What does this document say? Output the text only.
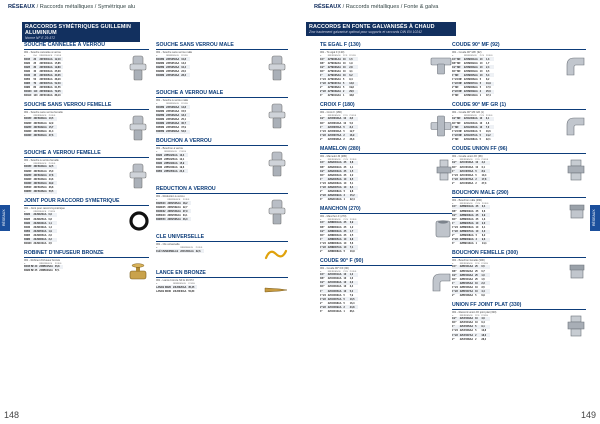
RÉSEAUX / Raccords métalliques / Symétrique alu
RACCORDS SYMÉTRIQUES GUILLEMIN ALUMINIUM
Norme NF E 29-572
RÉSEAUX
SOUCHE CANNELÉE À VERROU
001 - Souche cannelée à verrou
ø	Réf.	RÉFÉRENCE	POIDS
DN15	20	23FS001AA	12,10
DN20	25	23FS002AA	15,85
DN25	30	23FS003AA	19,80
DN32	40	23FS004AA	25,30
DN40	45	23FS005AA	30,35
DN50	50	23FS006AA	38,20
DN65	70	23FS007AA	52,40
DN80	80	23FS008AA	61,55
DN100	110	23FS009AA	79,25
DN110	120	23FS010AA	88,10
SOUCHE SANS VERROU FEMELLE
001 - Souche sans verrou femelle
ø	RÉFÉRENCE	POIDS
DN15F	23FS030AA	10,5
DN20F	23FS031AA	12,9
DN25F	23FS032AA	15,7
DN32F	23FS033AA	21,4
DN40F	23FS034AA	27,6
SOUCHE À VERROU FEMELLE
001 - Souche à verrou femelle
ø	RÉFÉRENCE	POIDS
DN15F	23FS040AA	12,5
DN20F	23FS041AA	15,0
DN25F	23FS042AA	17,8
DN32F	23FS043AA	24,6
DN40F	23FS044AA	29,9
DN50F	23FS045AA	36,8
DN65F	23FS046AA	50,5
JOINT POUR RACCORD SYMÉTRIQUE
001 - Joint pour raccord symétrique
ø	RÉFÉRENCE	POIDS
DN20	23JS020AA	0,6
DN25	23JS025AA	0,8
DN32	23JS032AA	1,1
DN40	23JS040AA	1,4
DN50	23JS050AA	1,9
DN65	23JS065AA	2,6
DN80	23JS080AA	3,2
DN100	23JS100AA	4,5
ROBINET D'INFUSEUR BRONZE
001 - Robinet d'infuseur bronze
ø	RÉFÉRENCE	POIDS
DN15 BF 20	23RB015AA	45,8
DN20 BF 25	23RB020AA	57,1
SOUCHE SANS VERROU MÂLE
001 - Souche sans verrou mâle
ø	RÉFÉRENCE	POIDS
DN15M	23FS050AA	10,8
DN20M	23FS051AA	13,2
DN25M	23FS052AA	16,4
DN32M	23FS053AA	22,0
DN40M	23FS054AA	28,3
SOUCHE À VERROU MÂLE
001 - Souche à verrou mâle
ø	RÉFÉRENCE	POIDS
DN15M	23FS060AA	12,8
DN20M	23FS061AA	15,5
DN25M	23FS062AA	18,4
DN32M	23FS063AA	25,1
DN40M	23FS064AA	30,7
DN50M	23FS065AA	37,9
DN65M	23FS066AA	52,0
BOUCHON À VERROU
001 - Bouchon à verrou
ø	RÉFÉRENCE	POIDS
DN20	23BV020AA	10,4
DN25	23BV025AA	12,1
DN32	23BV032AA	15,9
DN40	23BV040AA	19,6
DN50	23BV050AA	24,3
RÉDUCTION À VERROU
001 - Réduction à verrou
ø	RÉFÉRENCE	POIDS
DN25/20	23RV025AA	18,2
DN32/25	23RV032AA	22,7
DN40/32	23RV040AA	27,9
DN50/40	23RV050AA	34,1
DN65/50	23RV065AA	46,0
CLÉ UNIVERSELLE
001 - Clé universelle
ø	RÉFÉRENCE	POIDS
CLÉ UNIVERSELLE	23CU001AA	32,6
LANCE EN BRONZE
001 - Lance bronze NF E 29-572
ø	RÉFÉRENCE	POIDS
LANCE DN20	23LB020AA	35,45
LANCE DN40	23LB040AA	50,80
148
RÉSEAUX / Raccords métalliques / Fonte & galva
RACCORDS EN FONTE GALVANISÉS À CHAUD
Zinc hautement galvanisé optimal pour supports et raccords DIN EN 10242
RÉSEAUX
TÉ ÉGAL F (130)
001 - Té égal F (130)
ø	RÉFÉRENCE	PCS	POIDS
1/4"	22TE001AA	10	1,5
3/8"	22TE002AA	10	1,9
1/2"	22TE003AA	10	2,8
3/4"	22TE004AA	10	4,1
1"	22TE005AA	10	6,2
1"1/4	22TE006AA	5	9,4
1"1/2	22TE007AA	5	12,6
2"	22TE008AA	5	19,8
2"1/2	22TE009AA	2	29,5
3"	22TE010AA	1	43,8
CROIX F (180)
001 - Croix F (180)
ø	RÉFÉRENCE	PCS	POIDS
1/2"	22CR003AA	10	3,8
3/4"	22CR004AA	10	5,6
1"	22CR005AA	5	8,4
1"1/4	22CR006AA	5	12,7
1"1/2	22CR007AA	2	16,9
2"	22CR008AA	2	26,3
MAMELON (280)
001 - Mamelon M (280)
ø	RÉFÉRENCE	PCS	POIDS
1/4"	22MA001AA	25	0,8
3/8"	22MA002AA	25	1,1
1/2"	22MA003AA	25	1,5
3/4"	22MA004AA	25	2,2
1"	22MA005AA	10	3,5
1"1/4	22MA006AA	10	5,1
1"1/2	22MA007AA	10	6,4
2"	22MA008AA	5	9,8
2"1/2	22MA009AA	2	15,2
3"	22MA010AA	1	22,4
MANCHON (270)
001 - Manchon F (270)
ø	RÉFÉRENCE	PCS	POIDS
1/4"	22MN001AA	25	0,9
3/8"	22MN002AA	25	1,2
1/2"	22MN003AA	25	1,7
3/4"	22MN004AA	25	2,5
1"	22MN005AA	10	3,8
1"1/4	22MN006AA	10	5,6
1"1/2	22MN007AA	10	7,1
2"	22MN008AA	5	10,9
COUDE 90° F (90)
001 - Coude 90° F/F (90)
ø	RÉFÉRENCE	PCS	POIDS
1/4"	22CO001AA	10	1,2
3/8"	22CO002AA	10	1,6
1/2"	22CO003AA	10	2,3
3/4"	22CO004AA	10	3,4
1"	22CO005AA	10	5,2
1"1/4	22CO006AA	5	7,9
1"1/2	22CO007AA	5	10,5
2"	22CO008AA	5	16,4
2"1/2	22CO009AA	2	24,8
3"	22CO010AA	1	36,1
COUDE 90° MF (92)
001 - Coude 90° M/F (92)
ø	RÉFÉRENCE	PCS	POIDS
1/4" MF	22CM001AA	10	1,3
3/8" MF	22CM002AA	10	1,7
1/2" MF	22CM003AA	10	2,4
3/4" MF	22CM004AA	10	3,5
1" MF	22CM005AA	10	5,4
1"1/4 MF	22CM006AA	5	8,2
1"1/2 MF	22CM007AA	5	10,9
2" MF	22CM008AA	5	17,0
2"1/2 MF	22CM009AA	2	25,6
3" MF	22CM010AA	1	37,4
COUDE 90° MF GR (1)
001 - Coude 90° MF GR (1)
ø	RÉFÉRENCE	PCS	POIDS
1/2" MF	22CG003AA	10	3,1
3/4" MF	22CG004AA	10	4,6
1" MF	22CG005AA	10	7,0
1"1/4 MF	22CG006AA	5	10,6
1"1/2 MF	22CG007AA	5	14,2
2" MF	22CG008AA	5	22,1
COUDE UNION FF (96)
001 - Coude union FF (96)
ø	RÉFÉRENCE	PCS	POIDS
1/2"	22CU003AA	10	4,2
3/4"	22CU004AA	10	6,1
1"	22CU005AA	5	8,9
1"1/4	22CU006AA	5	13,4
1"1/2	22CU007AA	2	17,8
2"	22CU008AA	2	27,3
BOUCHON MÂLE (290)
001 - Bouchon mâle (290)
ø	RÉFÉRENCE	PCS	POIDS
1/4"	22BM001AA	25	0,4
3/8"	22BM002AA	25	0,6
1/2"	22BM003AA	25	0,9
3/4"	22BM004AA	25	1,3
1"	22BM005AA	10	2,0
1"1/4	22BM006AA	10	3,1
1"1/2	22BM007AA	10	4,0
2"	22BM008AA	5	6,2
2"1/2	22BM009AA	2	9,6
3"	22BM010AA	1	14,1
BOUCHON FEMELLE (300)
001 - Bouchon femelle (300)
ø	RÉFÉRENCE	PCS	POIDS
1/4"	22BF001AA	25	0,5
3/8"	22BF002AA	25	0,7
1/2"	22BF003AA	25	1,0
3/4"	22BF004AA	25	1,5
1"	22BF005AA	10	2,3
1"1/4	22BF006AA	10	3,5
1"1/2	22BF007AA	10	4,4
2"	22BF008AA	5	6,9
UNION FF JOINT PLAT (330)
001 - Raccord union FF joint plat (330)
ø	RÉFÉRENCE	PCS	POIDS
1/2"	22UF003AA	10	4,6
3/4"	22UF004AA	10	6,4
1"	22UF005AA	5	9,1
1"1/4	22UF006AA	5	13,8
1"1/2	22UF007AA	2	18,3
2"	22UF008AA	2	28,2
149
